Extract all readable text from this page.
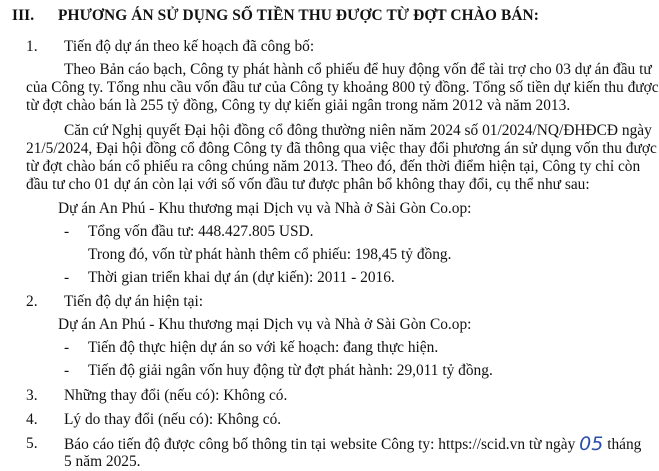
III. PHƯƠNG ÁN SỬ DỤNG SỐ TIỀN THU ĐƯỢC TỪ ĐỢT CHÀO BÁN:
1. Tiến độ dự án theo kế hoạch đã công bố:
Theo Bản cáo bạch, Công ty phát hành cổ phiếu để huy động vốn để tài trợ cho 03 dự án đầu tư
của Công ty. Tổng nhu cầu vốn đầu tư của Công ty khoảng 800 tỷ đồng. Tổng số tiền dự kiến thu được
từ đợt chào bán là 255 tỷ đồng, Công ty dự kiến giải ngân trong năm 2012 và năm 2013.
Căn cứ Nghị quyết Đại hội đồng cổ đông thường niên năm 2024 số 01/2024/NQ/ĐHĐCĐ ngày
21/5/2024, Đại hội đồng cổ đông Công ty đã thông qua việc thay đổi phương án sử dụng vốn thu được
từ đợt chào bán cổ phiếu ra công chúng năm 2013. Theo đó, đến thời điểm hiện tại, Công ty chỉ còn
đầu tư cho 01 dự án còn lại với số vốn đầu tư được phân bổ không thay đổi, cụ thể như sau:
Dự án An Phú - Khu thương mại Dịch vụ và Nhà ở Sài Gòn Co.op:
- Tổng vốn đầu tư: 448.427.805 USD.
Trong đó, vốn từ phát hành thêm cổ phiếu: 198,45 tỷ đồng.
- Thời gian triển khai dự án (dự kiến): 2011 - 2016.
2. Tiến độ dự án hiện tại:
Dự án An Phú - Khu thương mại Dịch vụ và Nhà ở Sài Gòn Co.op:
- Tiến độ thực hiện dự án so với kế hoạch: đang thực hiện.
- Tiến độ giải ngân vốn huy động từ đợt phát hành: 29,011 tỷ đồng.
3. Những thay đổi (nếu có): Không có.
4. Lý do thay đổi (nếu có): Không có.
5. Báo cáo tiến độ được công bố thông tin tại website Công ty: https://scid.vn từ ngày 05 tháng
5 năm 2025.
